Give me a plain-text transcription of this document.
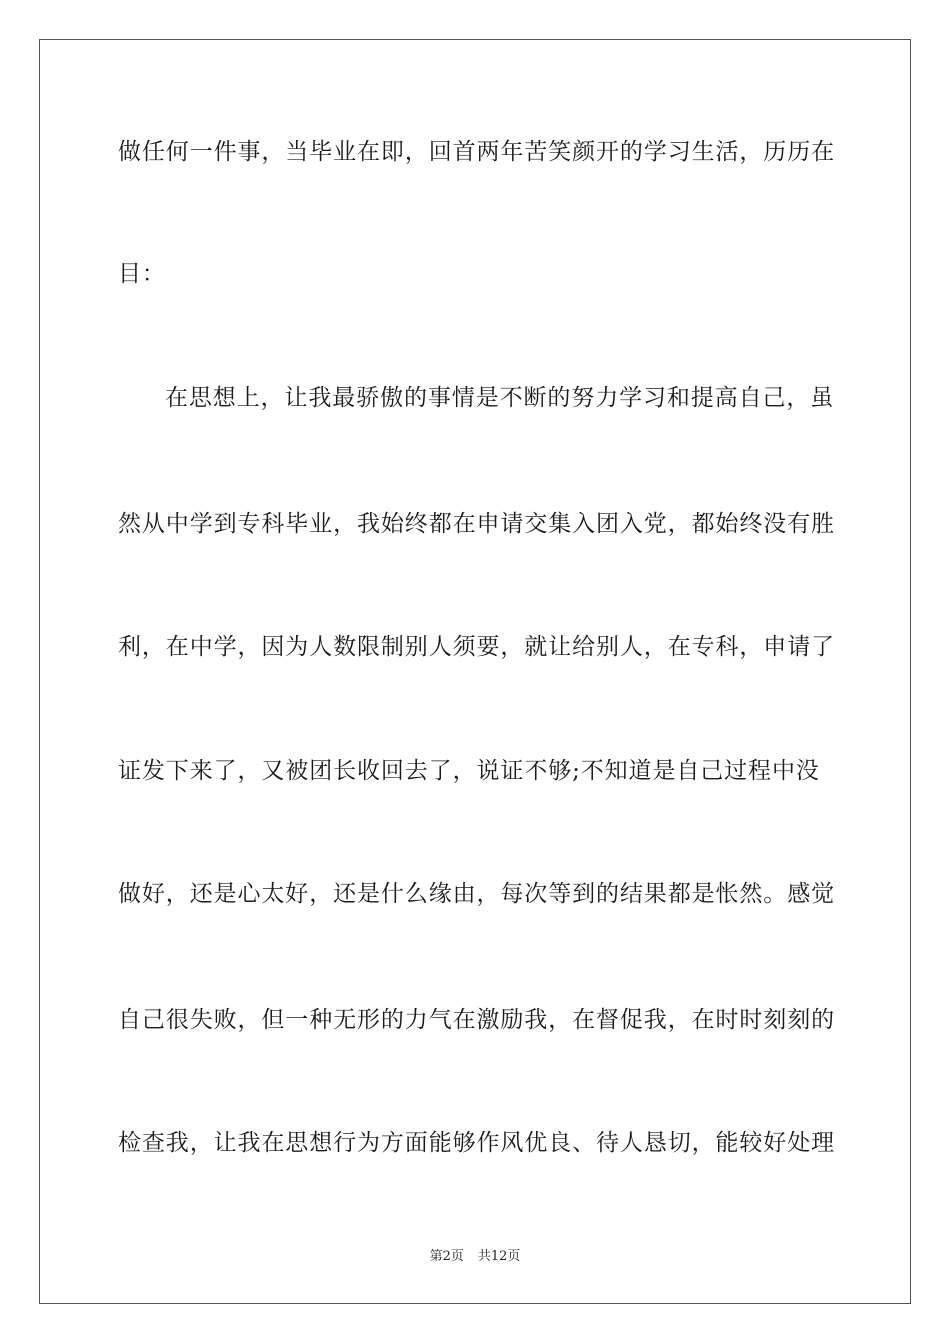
做任何一件事，当毕业在即，回首两年苦笑颜开的学习生活，历历在
目：
在思想上，让我最骄傲的事情是不断的努力学习和提高自己，虽
然从中学到专科毕业，我始终都在申请交集入团入党，都始终没有胜
利，在中学，因为人数限制别人须要，就让给别人，在专科，申请了
证发下来了，又被团长收回去了，说证不够;不知道是自己过程中没
做好，还是心太好，还是什么缘由，每次等到的结果都是怅然。感觉
自己很失败，但一种无形的力气在激励我，在督促我，在时时刻刻的
检查我，让我在思想行为方面能够作风优良、待人恳切，能较好处理
第2页 共12页
